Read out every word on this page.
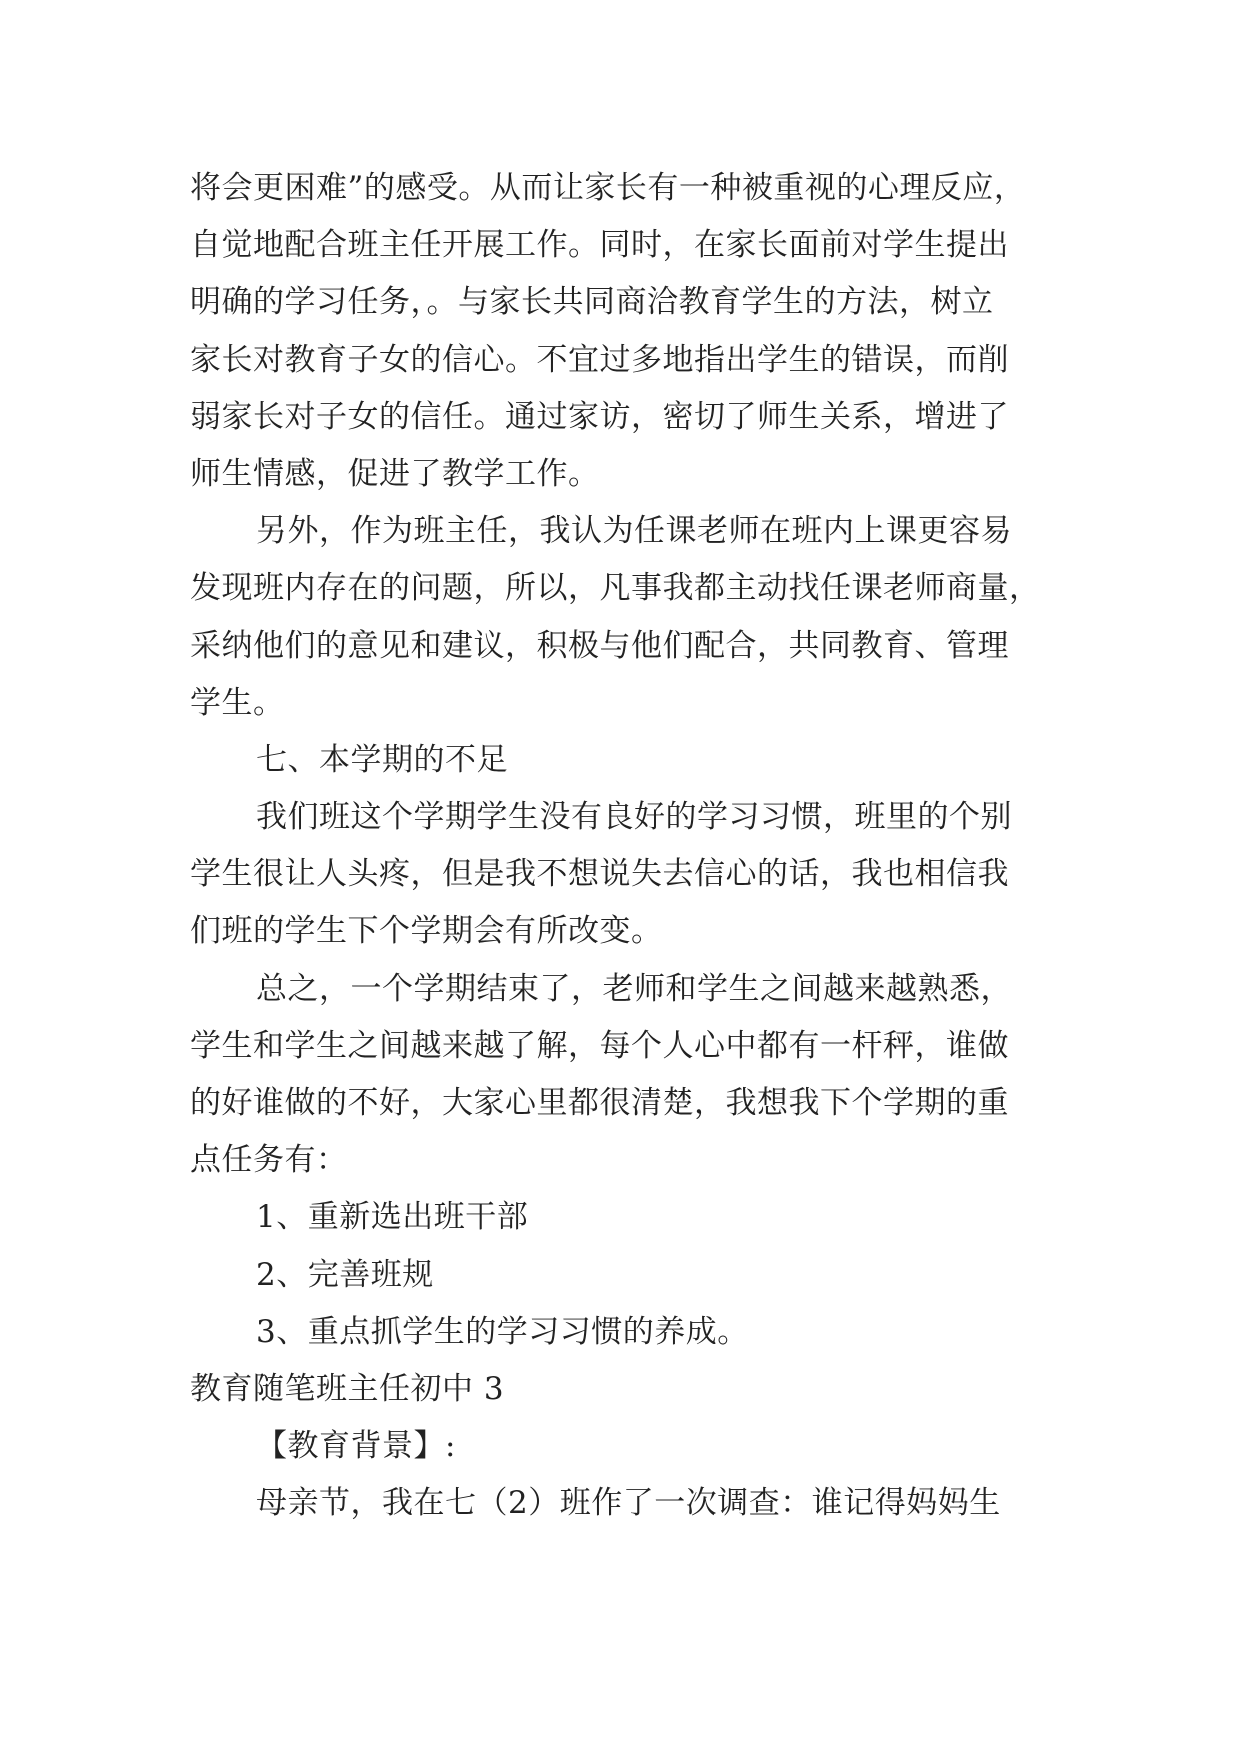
将会更困难”的感受。从而让家长有一种被重视的心理反应，
自觉地配合班主任开展工作。同时，在家长面前对学生提出
明确的学习任务，。与家长共同商洽教育学生的方法，树立
家长对教育子女的信心。不宜过多地指出学生的错误，而削
弱家长对子女的信任。通过家访，密切了师生关系，增进了
师生情感，促进了教学工作。
另外，作为班主任，我认为任课老师在班内上课更容易
发现班内存在的问题，所以，凡事我都主动找任课老师商量，
采纳他们的意见和建议，积极与他们配合，共同教育、管理
学生。
七、本学期的不足
我们班这个学期学生没有良好的学习习惯，班里的个别
学生很让人头疼，但是我不想说失去信心的话，我也相信我
们班的学生下个学期会有所改变。
总之，一个学期结束了，老师和学生之间越来越熟悉，
学生和学生之间越来越了解，每个人心中都有一杆秤，谁做
的好谁做的不好，大家心里都很清楚，我想我下个学期的重
点任务有：
1、重新选出班干部
2、完善班规
3、重点抓学生的学习习惯的养成。
教育随笔班主任初中 3
【教育背景】:
母亲节，我在七（2）班作了一次调查：谁记得妈妈生
